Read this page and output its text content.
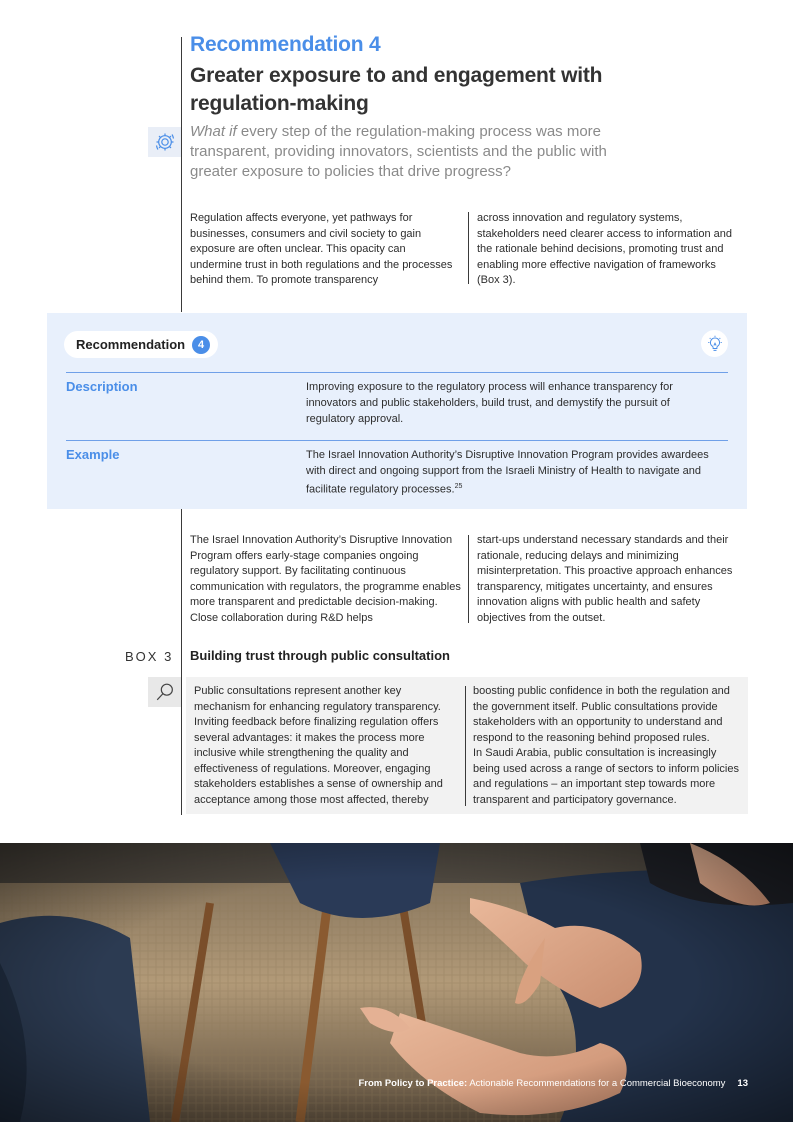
Recommendation 4
Greater exposure to and engagement with regulation-making
What if every step of the regulation-making process was more transparent, providing innovators, scientists and the public with greater exposure to policies that drive progress?
Regulation affects everyone, yet pathways for businesses, consumers and civil society to gain exposure are often unclear. This opacity can undermine trust in both regulations and the processes behind them. To promote transparency
across innovation and regulatory systems, stakeholders need clearer access to information and the rationale behind decisions, promoting trust and enabling more effective navigation of frameworks (Box 3).
Recommendation	4
Description	Improving exposure to the regulatory process will enhance transparency for innovators and public stakeholders, build trust, and demystify the pursuit of regulatory approval.
Example	The Israel Innovation Authority’s Disruptive Innovation Program provides awardees with direct and ongoing support from the Israeli Ministry of Health to navigate and facilitate regulatory processes.$^{25}$
The Israel Innovation Authority’s Disruptive Innovation Program offers early-stage companies ongoing regulatory support. By facilitating continuous communication with regulators, the programme enables more transparent and predictable decision-making. Close collaboration during R&D helps
start-ups understand necessary standards and their rationale, reducing delays and minimizing misinterpretation. This proactive approach enhances transparency, mitigates uncertainty, and ensures innovation aligns with public health and safety objectives from the outset.
BOX 3 Building trust through public consultation
Public consultations represent another key mechanism for enhancing regulatory transparency. Inviting feedback before finalizing regulation offers several advantages: it makes the process more inclusive while strengthening the quality and effectiveness of regulations. Moreover, engaging stakeholders establishes a sense of ownership and acceptance among those most affected, thereby
boosting public confidence in both the regulation and the government itself. Public consultations provide stakeholders with an opportunity to understand and respond to the reasoning behind proposed rules.
In Saudi Arabia, public consultation is increasingly being used across a range of sectors to inform policies and regulations – an important step towards more transparent and participatory governance.
From Policy to Practice: Actionable Recommendations for a Commercial Bioeconomy 13
